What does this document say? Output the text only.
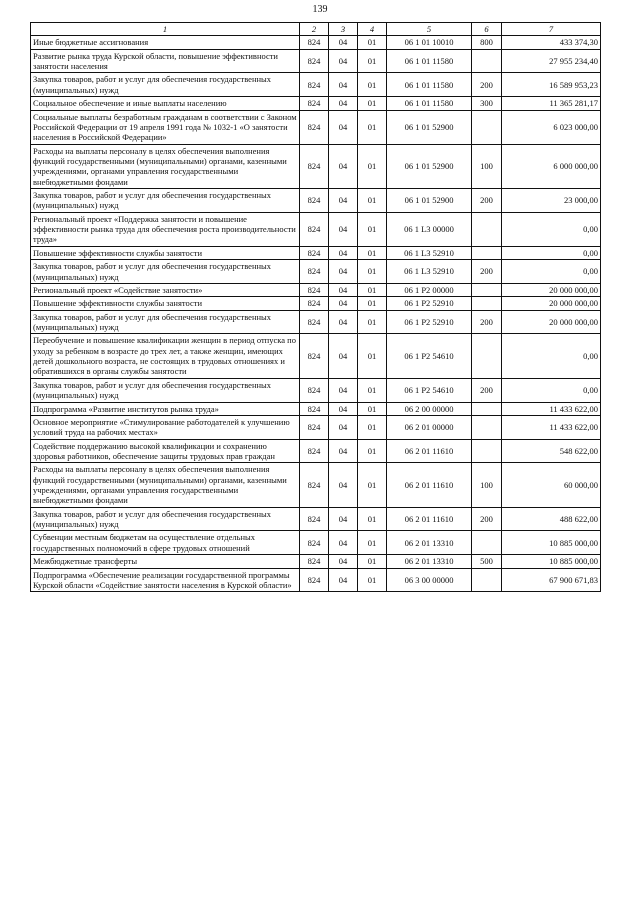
139
1	2	3	4	5	6	7
Иные бюджетные ассигнования	824	04	01	06 1 01 10010	800	433 374,30
Развитие рынка труда Курской области, повышение эффективности занятости населения	824	04	01	06 1 01 11580		27 955 234,40
Закупка товаров, работ и услуг для обеспечения государственных (муниципальных) нужд	824	04	01	06 1 01 11580	200	16 589 953,23
Социальное обеспечение и иные выплаты населению	824	04	01	06 1 01 11580	300	11 365 281,17
Социальные выплаты безработным гражданам в соответствии с Законом Российской Федерации от 19 апреля 1991 года № 1032-1 «О занятости населения в Российской Федерации»	824	04	01	06 1 01 52900		6 023 000,00
Расходы на выплаты персоналу в целях обеспечения выполнения функций государственными (муниципальными) органами, казенными учреждениями, органами управления государственными внебюджетными фондами	824	04	01	06 1 01 52900	100	6 000 000,00
Закупка товаров, работ и услуг для обеспечения государственных (муниципальных) нужд	824	04	01	06 1 01 52900	200	23 000,00
Региональный проект «Поддержка занятости и повышение эффективности рынка труда для обеспечения роста производительности труда»	824	04	01	06 1 L3 00000		0,00
Повышение эффективности службы занятости	824	04	01	06 1 L3 52910		0,00
Закупка товаров, работ и услуг для обеспечения государственных (муниципальных) нужд	824	04	01	06 1 L3 52910	200	0,00
Региональный проект «Содействие занятости»	824	04	01	06 1 P2 00000		20 000 000,00
Повышение эффективности службы занятости	824	04	01	06 1 P2 52910		20 000 000,00
Закупка товаров, работ и услуг для обеспечения государственных (муниципальных) нужд	824	04	01	06 1 P2 52910	200	20 000 000,00
Переобучение и повышение квалификации женщин в период отпуска по уходу за ребенком в возрасте до трех лет, а также женщин, имеющих детей дошкольного возраста, не состоящих в трудовых отношениях и обратившихся в органы службы занятости	824	04	01	06 1 P2 54610		0,00
Закупка товаров, работ и услуг для обеспечения государственных (муниципальных) нужд	824	04	01	06 1 P2 54610	200	0,00
Подпрограмма «Развитие институтов рынка труда»	824	04	01	06 2 00 00000		11 433 622,00
Основное мероприятие «Стимулирование работодателей к улучшению условий труда на рабочих местах»	824	04	01	06 2 01 00000		11 433 622,00
Содействие поддержанию высокой квалификации и сохранению здоровья работников, обеспечение защиты трудовых прав граждан	824	04	01	06 2 01 11610		548 622,00
Расходы на выплаты персоналу в целях обеспечения выполнения функций государственными (муниципальными) органами, казенными учреждениями, органами управления государственными внебюджетными фондами	824	04	01	06 2 01 11610	100	60 000,00
Закупка товаров, работ и услуг для обеспечения государственных (муниципальных) нужд	824	04	01	06 2 01 11610	200	488 622,00
Субвенции местным бюджетам на осуществление отдельных государственных полномочий в сфере трудовых отношений	824	04	01	06 2 01 13310		10 885 000,00
Межбюджетные трансферты	824	04	01	06 2 01 13310	500	10 885 000,00
Подпрограмма «Обеспечение реализации государственной программы Курской области «Содействие занятости населения в Курской области»	824	04	01	06 3 00 00000		67 900 671,83
